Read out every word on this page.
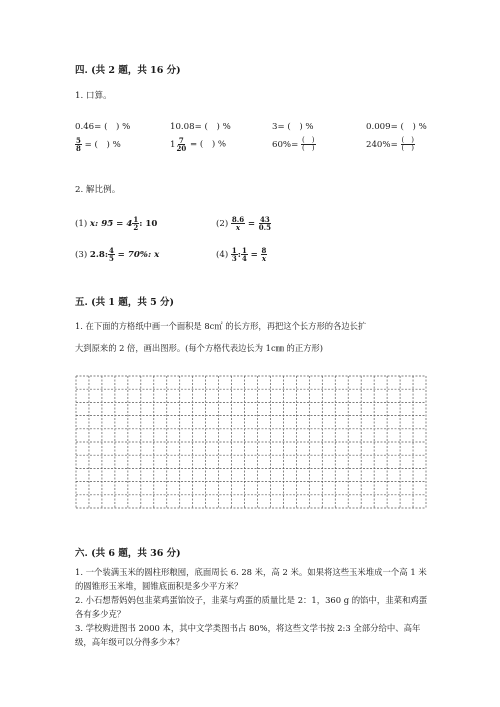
四. (共 2 题，共 16 分)
1. 口算。
0.46= (　) %	10.08= (　) %	3= (　) %	0.009= (　) %
$\frac{5}{8}$ = (　) %	$1 \frac{7}{20}$ = (　) %	$60\%= \frac{( )}{( )}$	$240\%= \frac{( )}{( )}$
2. 解比例。
(1) x: $95 = 4 \frac{1}{2}$ : 10	$(2) \frac{8.6}{x} = \frac{43}{0.5}$
(3) 2.8: $\frac{4}{5} = 70\%$: x	$(4) \frac{1}{3}$ : $\frac{1}{4} = \frac{8}{x}$
五. (共 1 题，共 5 分)
1. 在下面的方格纸中画一个面积是 8c㎡ 的长方形，再把这个长方形的各边长扩
大到原来的 2 倍，画出图形。(每个方格代表边长为 1c㎜ 的正方形)
六. (共 6 题，共 36 分)
1. 一个装满玉米的圆柱形粮囤，底面周长 6. 28 米，高 2 米。如果将这些玉米堆成一个高 1 米的圆锥形玉米堆，圆锥底面积是多少平方米？
2. 小石想帮妈妈包韭菜鸡蛋馅饺子，韭菜与鸡蛋的质量比是 2：1，360 g 的馅中，韭菜和鸡蛋各有多少克？
3. 学校购进图书 2000 本，其中文学类图书占 80%，将这些文学书按 2:3 全部分给中、高年级，高年级可以分得多少本？
